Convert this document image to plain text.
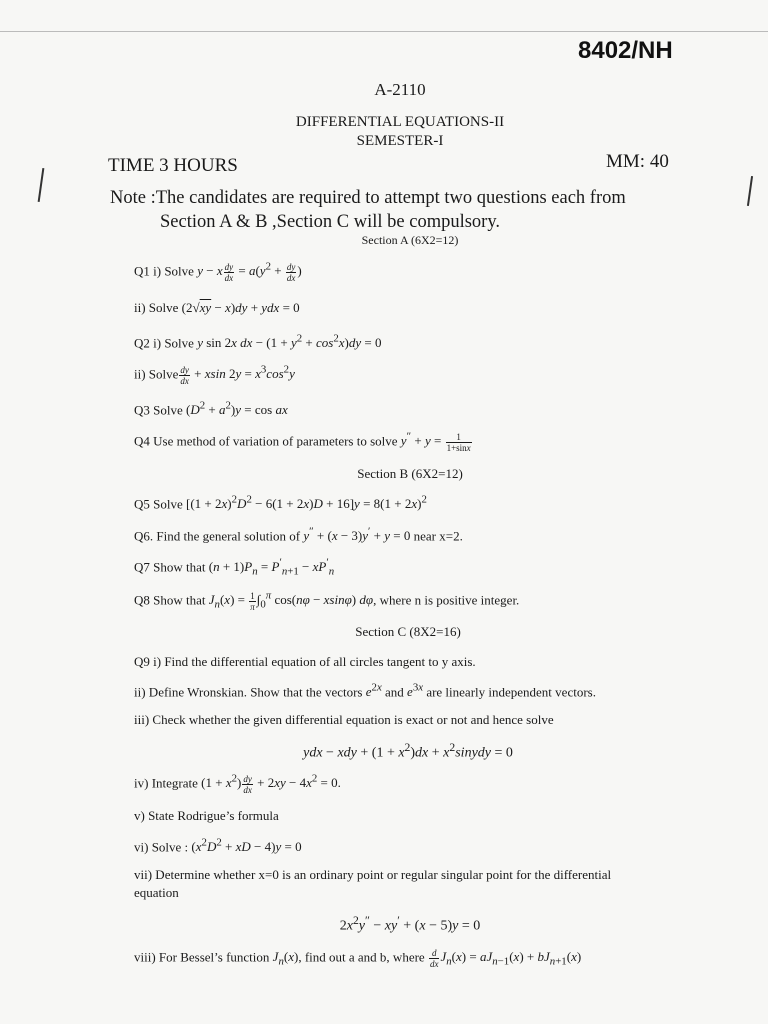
8402/NH
A-2110
DIFFERENTIAL EQUATIONS-II
SEMESTER-I
TIME 3 HOURS	MM: 40
Note :The candidates are required to attempt two questions each from
Section A & B ,Section C will be compulsory.
Section A (6X2=12)
Q1 i) Solve y − x $\frac{dy}{dx} = a(y^2 + \frac{dy}{dx}$ )
ii) Solve (2√xy − x)dy + ydx = 0
Q2 i) Solve y sin 2x dx − $(1 + y^2 + \cos^2x)dy = 0$
ii) Solve $\frac{dy}{dx} + xsin$ $2y = x^3\cos^2y$
Q3 Solve $(D^2 + a^2)y = \cos$ ax
Q4 Use method of variation of parameters to solve $y'' + y = \frac{1}{1+\sin x}$
Section B (6X2=12)
Q5 Solve $[(1 + 2x)^2D^2 - 6(1 + 2x)D + 16]y = 8(1 + 2x)^2$
Q6. Find the general solution of y″ + (x − 3)y′ + y = 0 near x=2.
Q7 Show that $(n + 1)P_n = P'_{n+1} - xP'_n$
Q8 Show that $J_n(x) = \frac{1}{\pi} \int_0^\pi$ cos(nφ − xsinφ) dφ, where n is positive integer.
Section C (8X2=16)
Q9 i) Find the differential equation of all circles tangent to y axis.
ii) Define Wronskian. Show that the vectors $e^{2x}$ and $e^{3x}$ are linearly independent vectors.
iii) Check whether the given differential equation is exact or not and hence solve
ydx − xdy + $(1 + x^2)dx$ + $x^2sinydy = 0$
iv) Integrate $(1 + x^2) \frac{dy}{dx} + 2xy - 4x^2 = 0$.
v) State Rodrigue’s formula
vi) Solve : ($x^2D^2$ + xD − 4)y = 0
vii) Determine whether x=0 is an ordinary point or regular singular point for the differential
equation
$2x^2y'' - xy' + (x - 5)y = 0$
viii) For Bessel’s function $J_n(x)$, find out a and b, where $\frac{d}{dx} J_n(x) = aJ_{n-1}(x) + bJ_{n+1}(x)$
